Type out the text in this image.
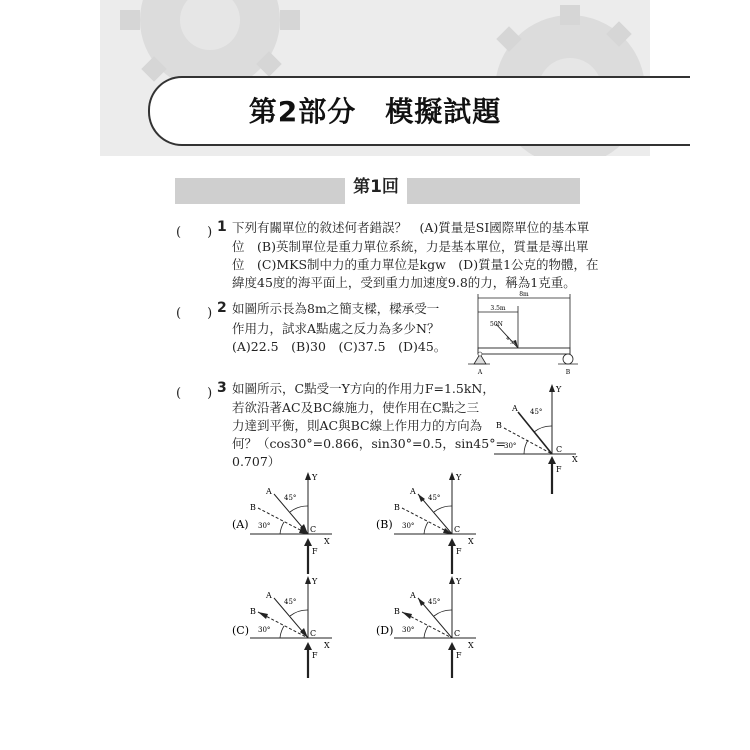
第2部分　模擬試題
第1回
(　　) 1 下列有關單位的敘述何者錯誤？　(A)質量是SI國際單位的基本單
位　(B)英制單位是重力單位系統，力是基本單位，質量是導出單
位　(C)MKS制中力的重力單位是kgw　(D)質量1公克的物體，在
緯度45度的海平面上，受到重力加速度9.8的力，稱為1克重。
(　　) 2 如圖所示長為8m之簡支樑，樑承受一
作用力，試求A點處之反力為多少N？
(A)22.5　(B)30　(C)37.5　(D)45。
8m
3.5m
50N
4
3
A	B
(　　) 3 如圖所示，C點受一Y方向的作用力F=1.5kN，
若欲沿著AC及BC線施力，使作用在C點之三
力達到平衡，則AC與BC線上作用力的方向為
何？（cos30°=0.866，sin30°=0.5，sin45°=
0.707）
Y
X
A
B
45°
30°	C
F
(A)
Y
X
A
B
45°
30°	C
F
(B)
Y
X
A
B
45°
30°	C
F
(C)
Y
X
A
B
45°
30°	C
F
(D)
Y
X
A
B
45°
30°	C
F
